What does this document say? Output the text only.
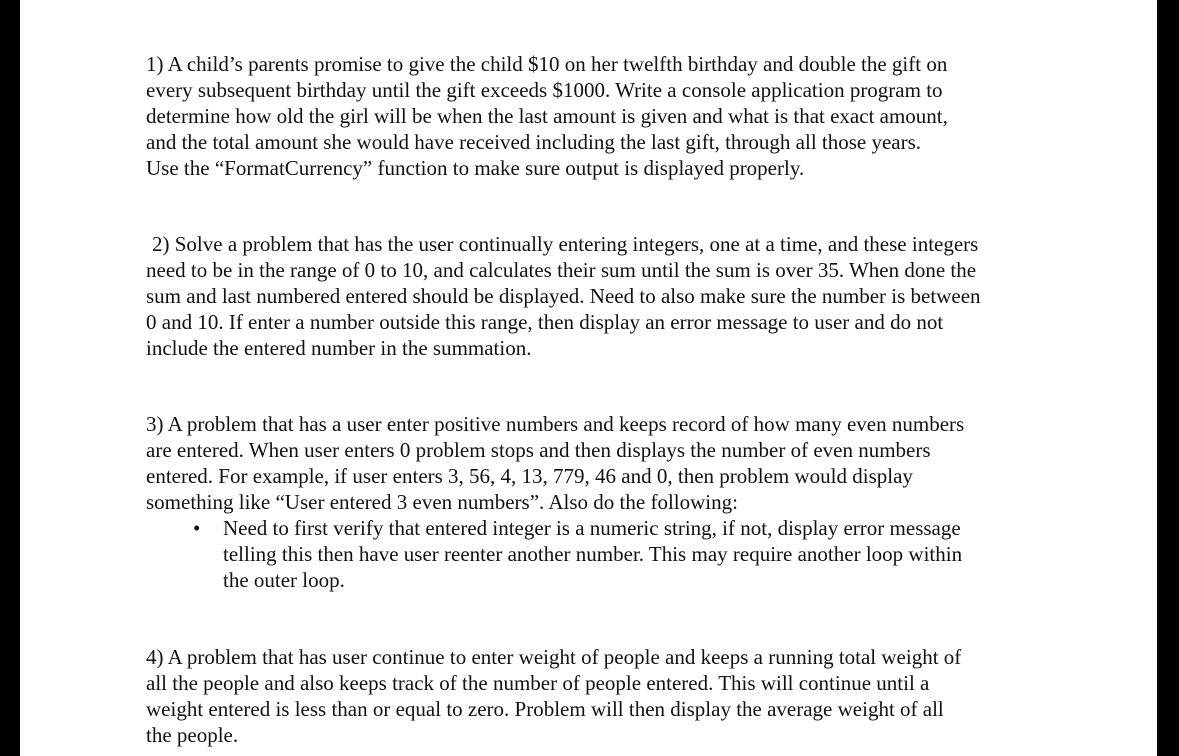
1) A child’s parents promise to give the child $10 on her twelfth birthday and double the gift on
every subsequent birthday until the gift exceeds $1000. Write a console application program to
determine how old the girl will be when the last amount is given and what is that exact amount,
and the total amount she would have received including the last gift, through all those years.
Use the “FormatCurrency” function to make sure output is displayed properly.

2) Solve a problem that has the user continually entering integers, one at a time, and these integers
need to be in the range of 0 to 10, and calculates their sum until the sum is over 35. When done the
sum and last numbered entered should be displayed. Need to also make sure the number is between
0 and 10. If enter a number outside this range, then display an error message to user and do not
include the entered number in the summation.

3) A problem that has a user enter positive numbers and keeps record of how many even numbers
are entered. When user enters 0 problem stops and then displays the number of even numbers
entered. For example, if user enters 3, 56, 4, 13, 779, 46 and 0, then problem would display
something like “User entered 3 even numbers”. Also do the following:

• Need to first verify that entered integer is a numeric string, if not, display error message
telling this then have user reenter another number. This may require another loop within
the outer loop.

4) A problem that has user continue to enter weight of people and keeps a running total weight of
all the people and also keeps track of the number of people entered. This will continue until a
weight entered is less than or equal to zero. Problem will then display the average weight of all
the people.
